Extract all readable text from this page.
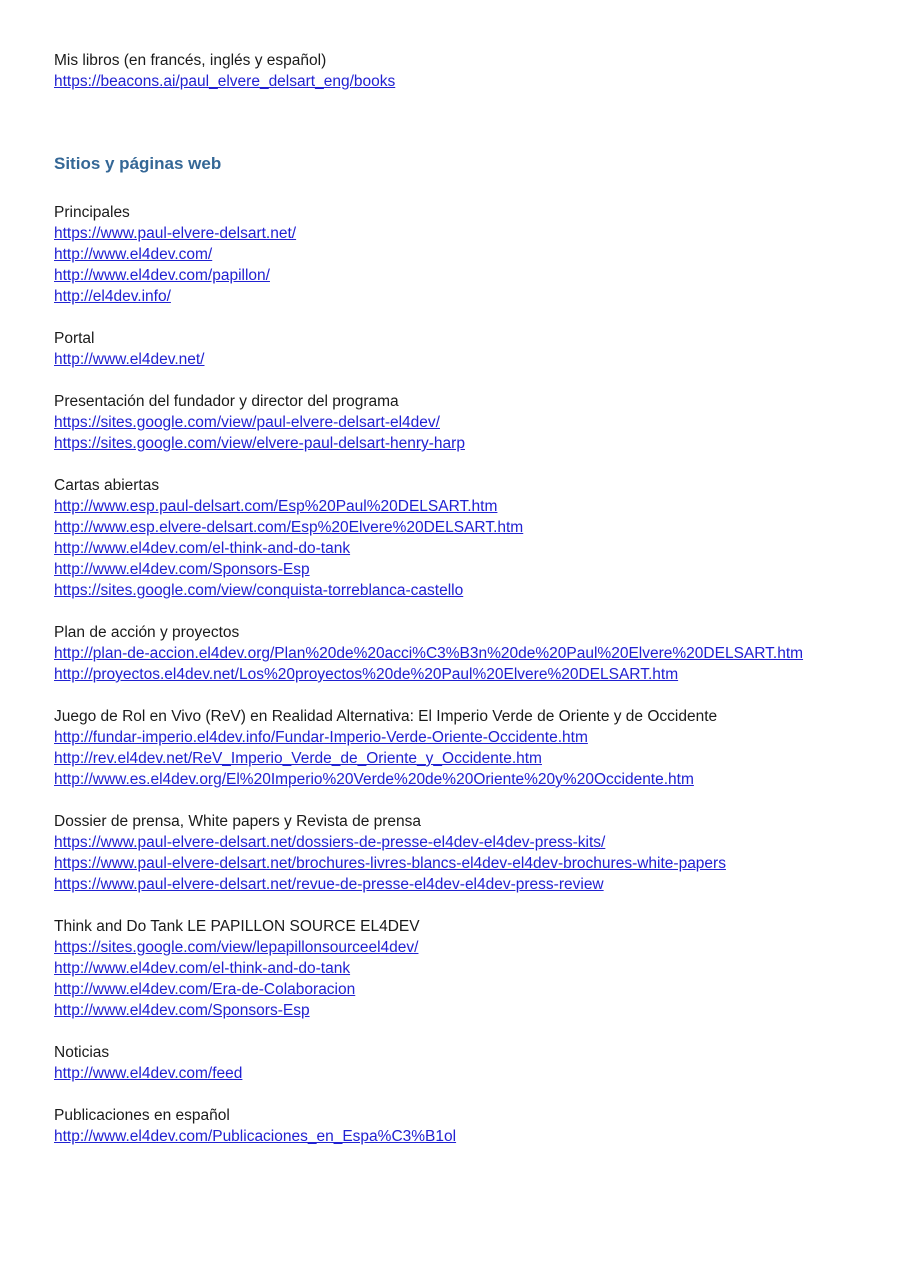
Mis libros (en francés, inglés y español)
https://beacons.ai/paul_elvere_delsart_eng/books

Sitios y páginas web
Principales
https://www.paul-elvere-delsart.net/
http://www.el4dev.com/
http://www.el4dev.com/papillon/
http://el4dev.info/
Portal
http://www.el4dev.net/
Presentación del fundador y director del programa
https://sites.google.com/view/paul-elvere-delsart-el4dev/
https://sites.google.com/view/elvere-paul-delsart-henry-harp
Cartas abiertas
http://www.esp.paul-delsart.com/Esp%20Paul%20DELSART.htm
http://www.esp.elvere-delsart.com/Esp%20Elvere%20DELSART.htm
http://www.el4dev.com/el-think-and-do-tank
http://www.el4dev.com/Sponsors-Esp
https://sites.google.com/view/conquista-torreblanca-castello
Plan de acción y proyectos
http://plan-de-accion.el4dev.org/Plan%20de%20acci%C3%B3n%20de%20Paul%20Elvere%20DELSART.htm
http://proyectos.el4dev.net/Los%20proyectos%20de%20Paul%20Elvere%20DELSART.htm
Juego de Rol en Vivo (ReV) en Realidad Alternativa: El Imperio Verde de Oriente y de Occidente
http://fundar-imperio.el4dev.info/Fundar-Imperio-Verde-Oriente-Occidente.htm
http://rev.el4dev.net/ReV_Imperio_Verde_de_Oriente_y_Occidente.htm
http://www.es.el4dev.org/El%20Imperio%20Verde%20de%20Oriente%20y%20Occidente.htm
Dossier de prensa, White papers y Revista de prensa
https://www.paul-elvere-delsart.net/dossiers-de-presse-el4dev-el4dev-press-kits/
https://www.paul-elvere-delsart.net/brochures-livres-blancs-el4dev-el4dev-brochures-white-papers
https://www.paul-elvere-delsart.net/revue-de-presse-el4dev-el4dev-press-review
Think and Do Tank LE PAPILLON SOURCE EL4DEV
https://sites.google.com/view/lepapillonsourceel4dev/
http://www.el4dev.com/el-think-and-do-tank
http://www.el4dev.com/Era-de-Colaboracion
http://www.el4dev.com/Sponsors-Esp
Noticias
http://www.el4dev.com/feed
Publicaciones en español
http://www.el4dev.com/Publicaciones_en_Espa%C3%B1ol
